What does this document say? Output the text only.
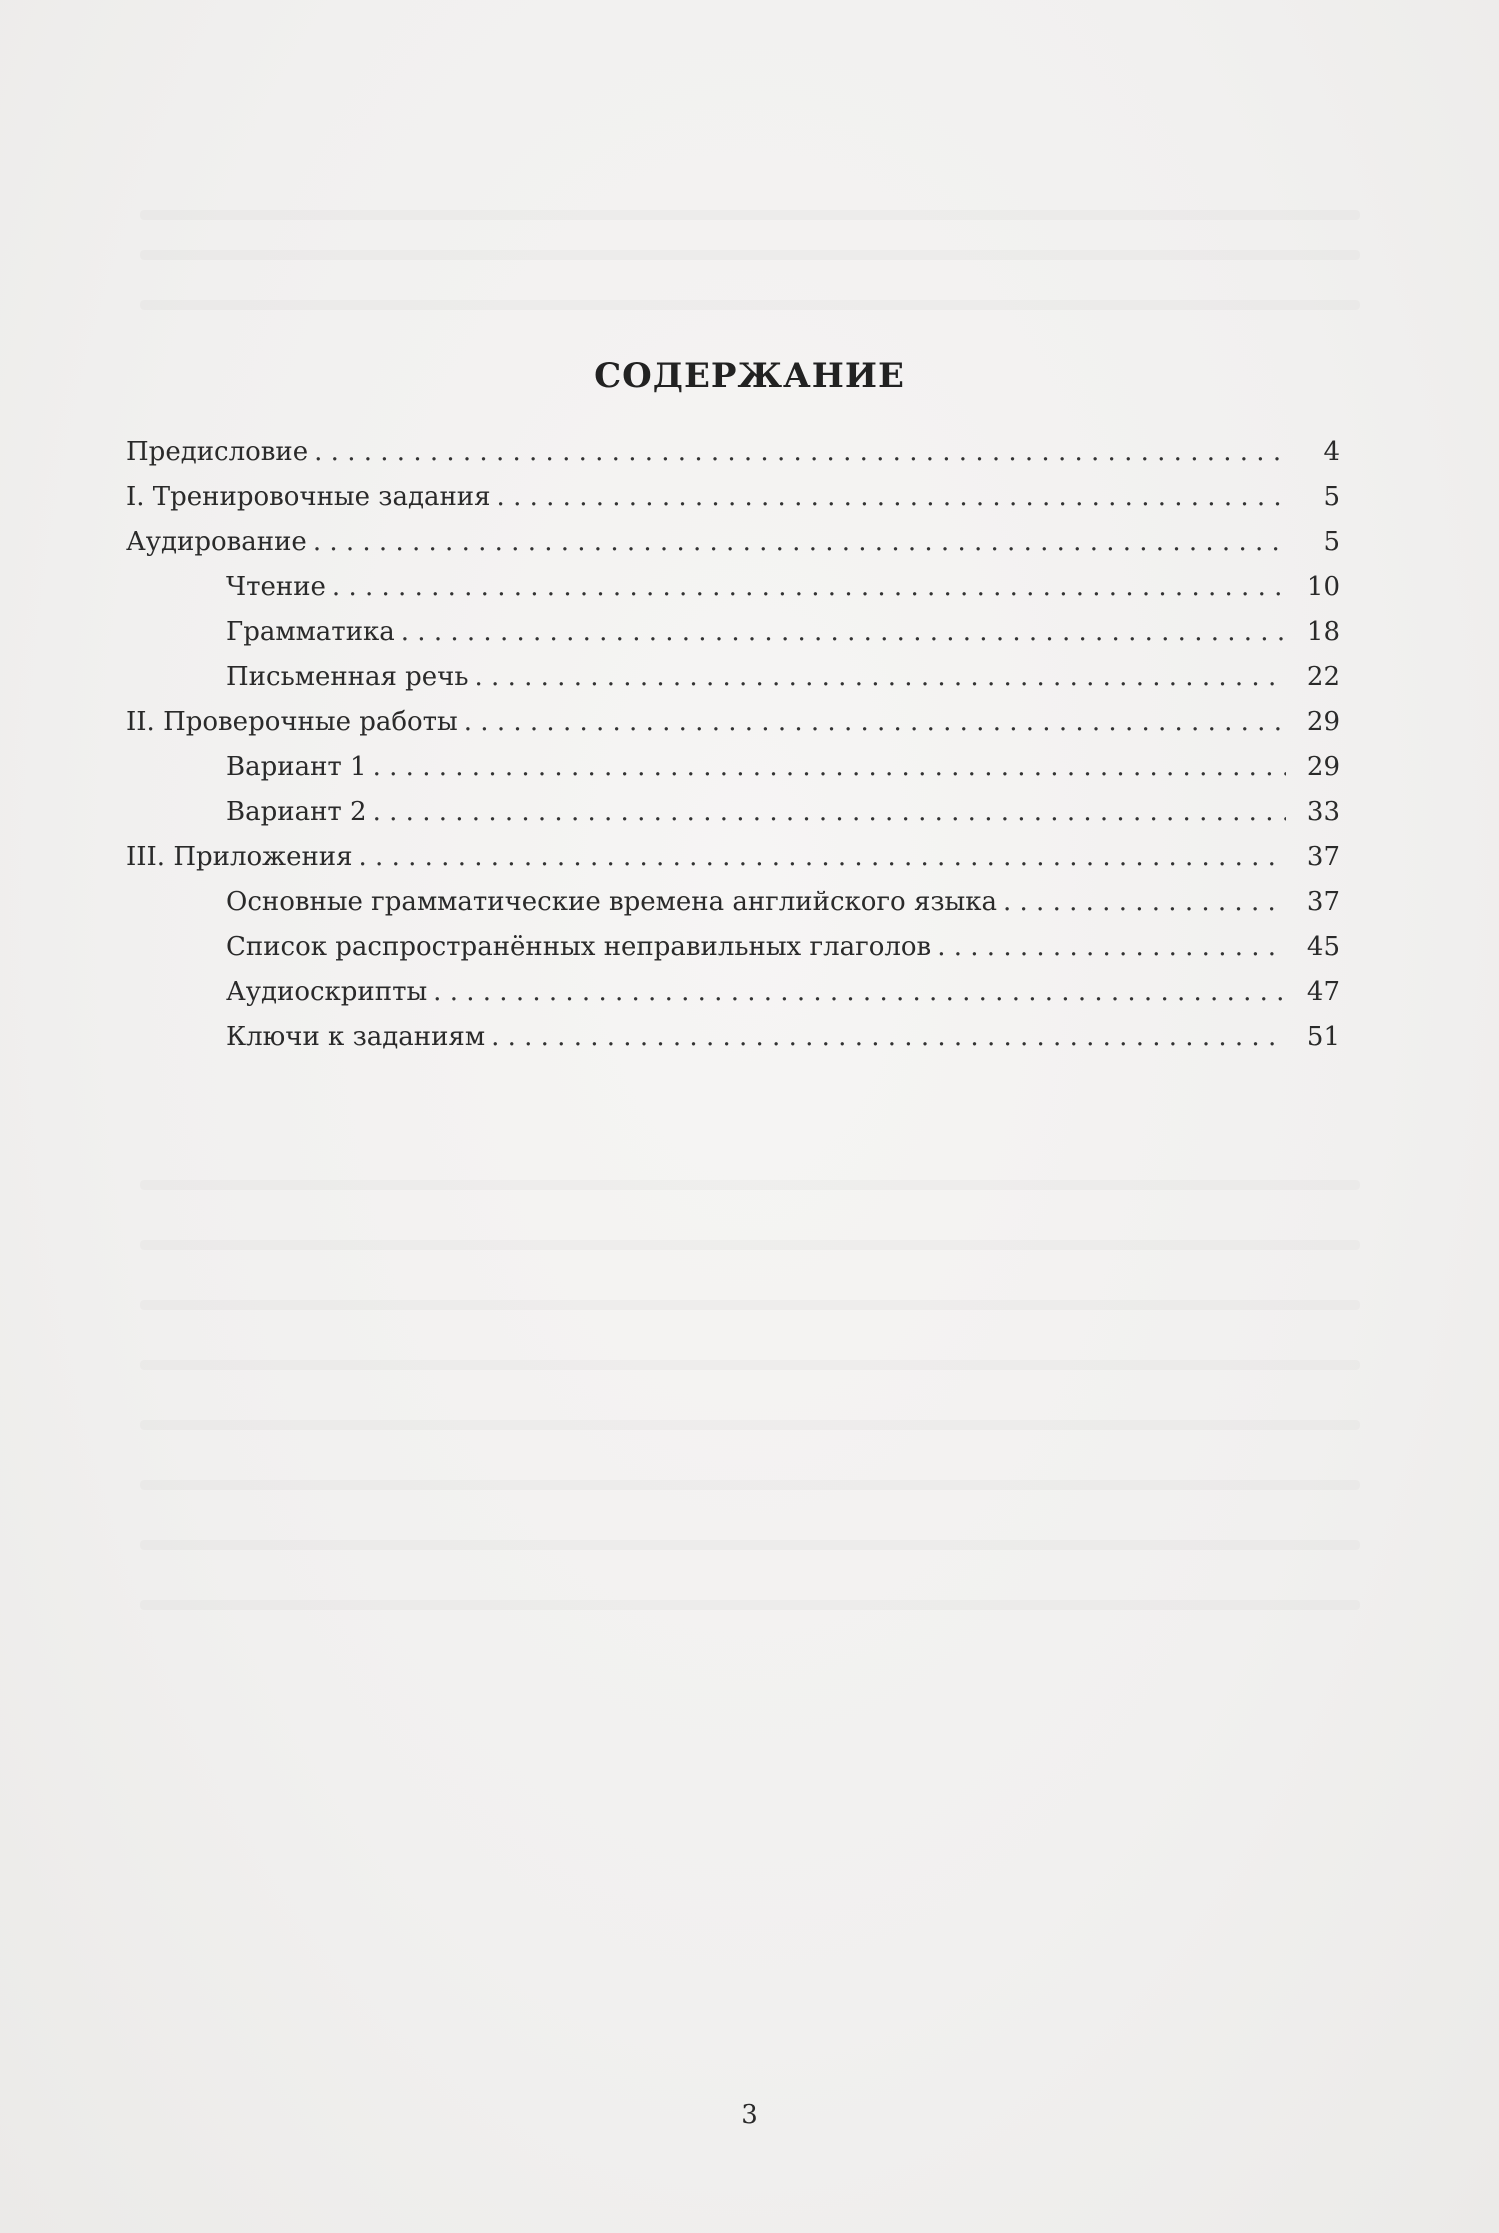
СОДЕРЖАНИЕ
Предисловие . . .	4
I. Тренировочные задания . . .	5
Аудирование . . .	5
Чтение . . .	10
Грамматика . . .	18
Письменная речь . . .	22
II. Проверочные работы . . .	29
Вариант 1 . . .	29
Вариант 2 . . .	33
III. Приложения . . .	37
Основные грамматические времена английского языка . . .	37
Список распространённых неправильных глаголов . . .	45
Аудиоскрипты . . .	47
Ключи к заданиям . . .	51
3
